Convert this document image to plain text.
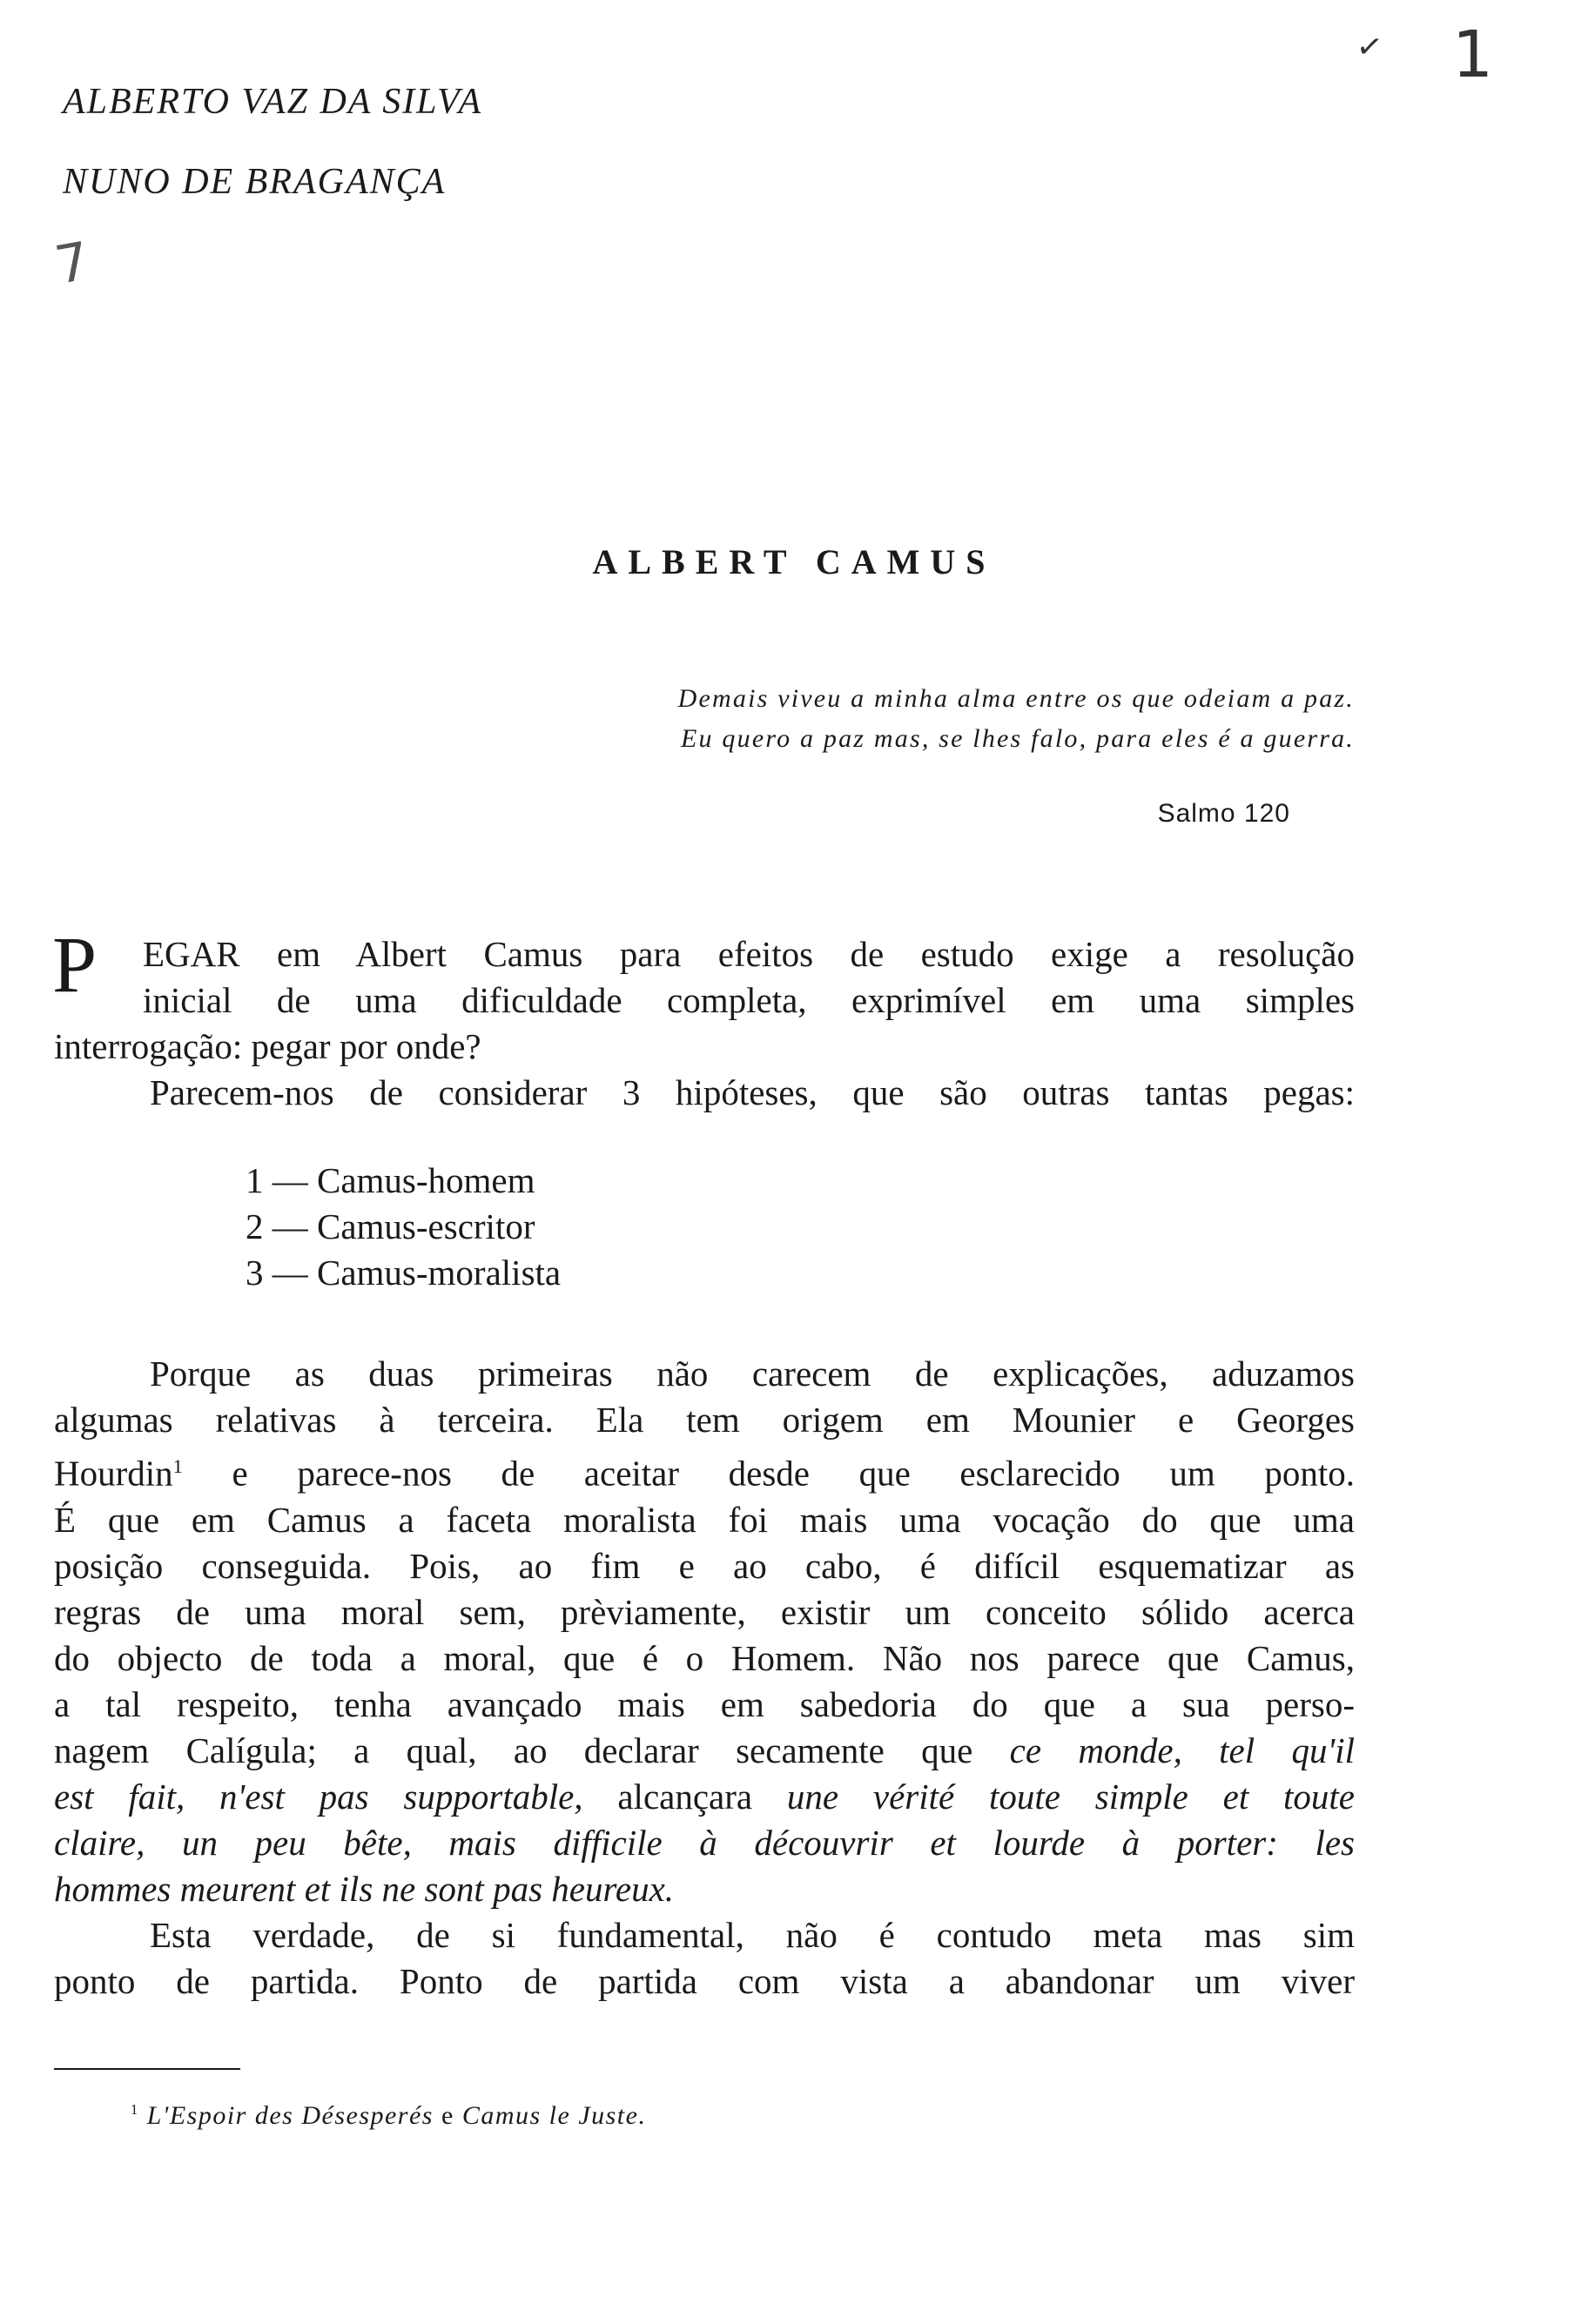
ALBERTO VAZ DA SILVA
NUNO DE BRAGANÇA
✓ 1
7
ALBERT CAMUS
Demais viveu a minha alma entre os que odeiam a paz.
Eu quero a paz mas, se lhes falo, para eles é a guerra.
Salmo 120
P EGAR em Albert Camus para efeitos de estudo exige a resolução
inicial de uma dificuldade completa, exprimível em uma simples
interrogação: pegar por onde?
Parecem-nos de considerar 3 hipóteses, que são outras tantas pegas:
1 — Camus-homem
2 — Camus-escritor
3 — Camus-moralista
Porque as duas primeiras não carecem de explicações, aduzamos
algumas relativas à terceira. Ela tem origem em Mounier e Georges
Hourdin$^1$ e parece-nos de aceitar desde que esclarecido um ponto.
É que em Camus a faceta moralista foi mais uma vocação do que uma
posição conseguida. Pois, ao fim e ao cabo, é difícil esquematizar as
regras de uma moral sem, prèviamente, existir um conceito sólido acerca
do objecto de toda a moral, que é o Homem. Não nos parece que Camus,
a tal respeito, tenha avançado mais em sabedoria do que a sua perso-
nagem Calígula; a qual, ao declarar secamente que ce monde, tel qu'il
est fait, n'est pas supportable, alcançara une vérité toute simple et toute
claire, un peu bête, mais difficile à découvrir et lourde à porter: les
hommes meurent et ils ne sont pas heureux.
Esta verdade, de si fundamental, não é contudo meta mas sim
ponto de partida. Ponto de partida com vista a abandonar um viver
$^1$ L'Espoir des Désesperés e Camus le Juste.
